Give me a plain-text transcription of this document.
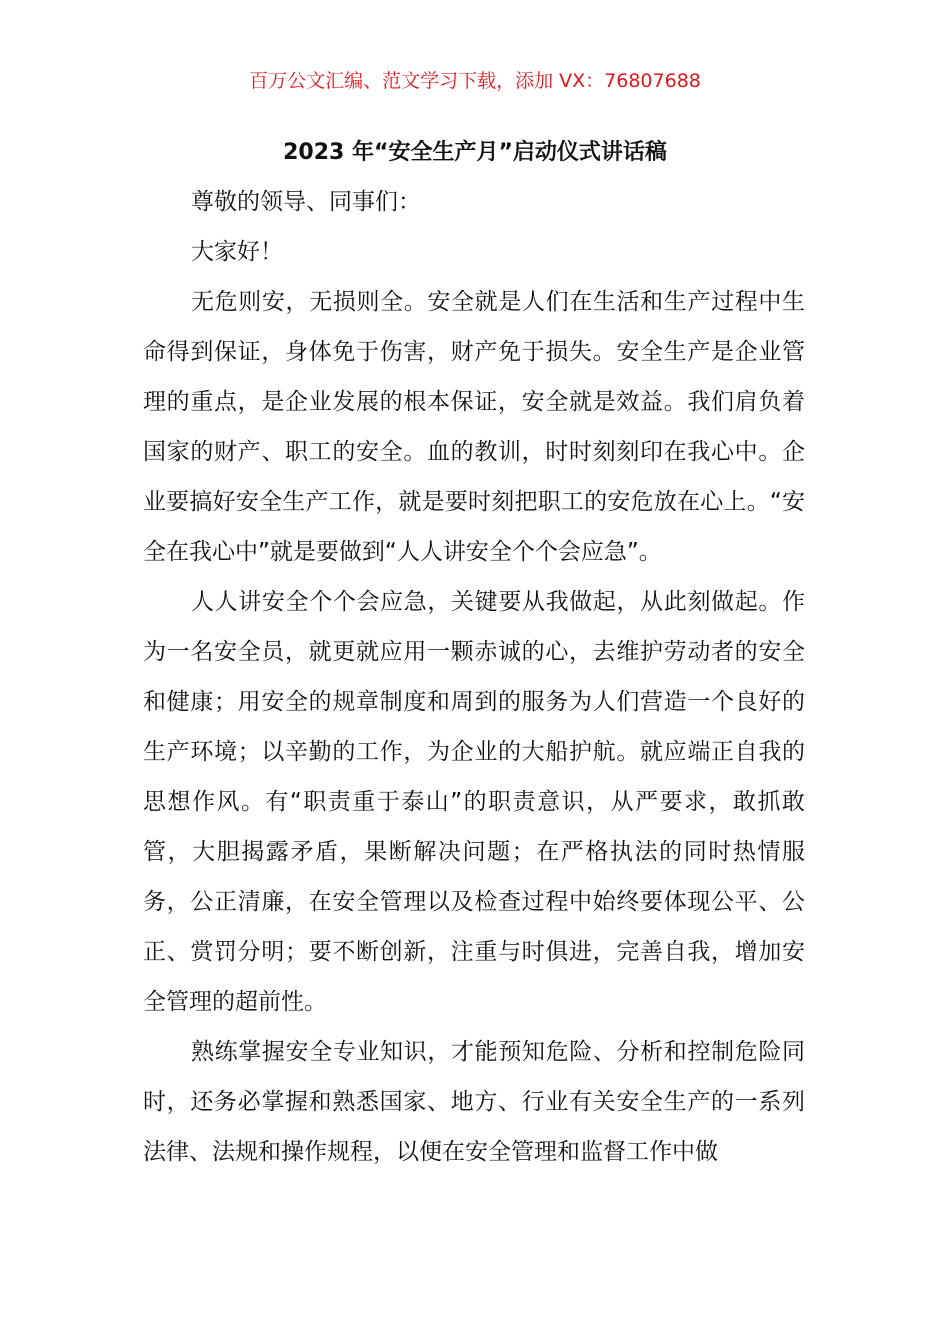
百万公文汇编、范文学习下载，添加 VX：76807688
2023 年“安全生产月”启动仪式讲话稿

尊敬的领导、同事们：

大家好！

无危则安，无损则全。安全就是人们在生活和生产过程中生命得到保证，身体免于伤害，财产免于损失。安全生产是企业管理的重点，是企业发展的根本保证，安全就是效益。我们肩负着国家的财产、职工的安全。血的教训，时时刻刻印在我心中。企业要搞好安全生产工作，就是要时刻把职工的安危放在心上。“安全在我心中”就是要做到“人人讲安全个个会应急”。

人人讲安全个个会应急，关键要从我做起，从此刻做起。作为一名安全员，就更就应用一颗赤诚的心，去维护劳动者的安全和健康；用安全的规章制度和周到的服务为人们营造一个良好的生产环境；以辛勤的工作，为企业的大船护航。就应端正自我的思想作风。有“职责重于泰山”的职责意识，从严要求，敢抓敢管，大胆揭露矛盾，果断解决问题；在严格执法的同时热情服务，公正清廉，在安全管理以及检查过程中始终要体现公平、公正、赏罚分明；要不断创新，注重与时俱进，完善自我，增加安全管理的超前性。

熟练掌握安全专业知识，才能预知危险、分析和控制危险同时，还务必掌握和熟悉国家、地方、行业有关安全生产的一系列法律、法规和操作规程，以便在安全管理和监督工作中做
